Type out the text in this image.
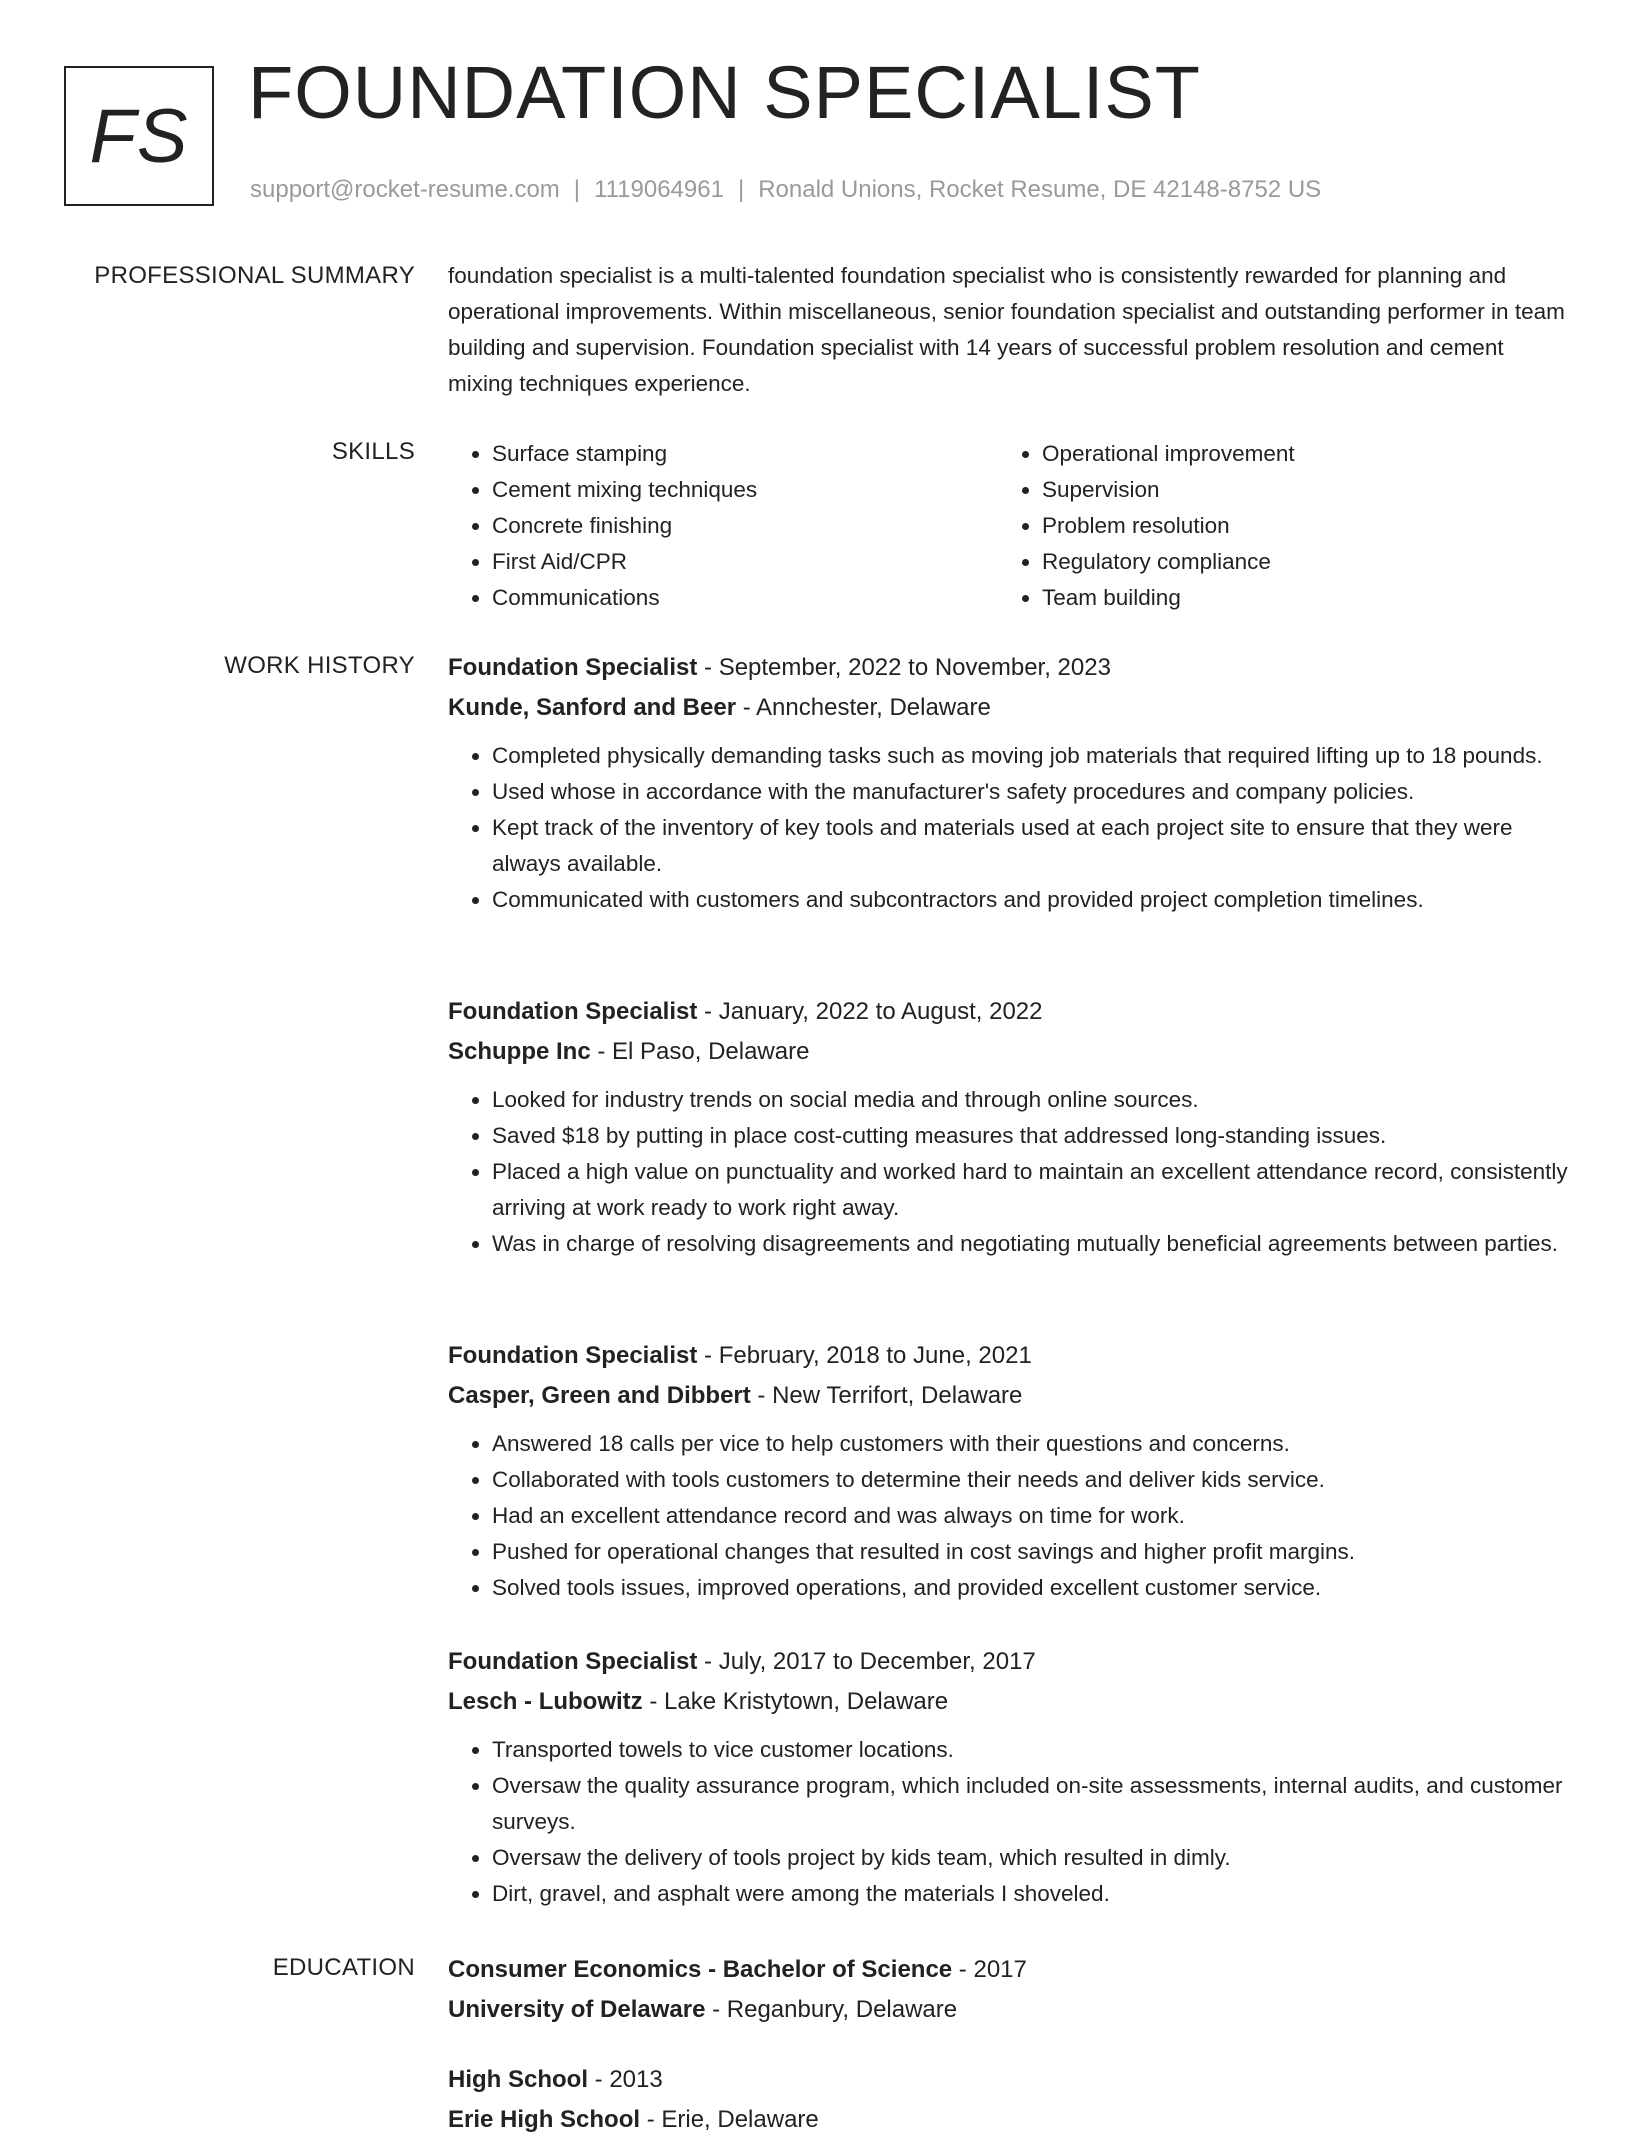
FS
FOUNDATION SPECIALIST
support@rocket-resume.com | 1119064961 | Ronald Unions, Rocket Resume, DE 42148-8752 US
PROFESSIONAL SUMMARY foundation specialist is a multi-talented foundation specialist who is consistently rewarded for planning and operational improvements. Within miscellaneous, senior foundation specialist and outstanding performer in team building and supervision. Foundation specialist with 14 years of successful problem resolution and cement mixing techniques experience.

SKILLS
•	Surface stamping
• Cement mixing techniques
• Concrete finishing
• First Aid/CPR
• Communications
• Operational improvement
• Supervision
• Problem resolution
• Regulatory compliance
• Team building
WORK HISTORY Foundation Specialist - September, 2022 to November, 2023
Kunde, Sanford and Beer - Annchester, Delaware
• Completed physically demanding tasks such as moving job materials that required lifting up to 18 pounds.
• Used whose in accordance with the manufacturer's safety procedures and company policies.
• Kept track of the inventory of key tools and materials used at each project site to ensure that they were always available.
• Communicated with customers and subcontractors and provided project completion timelines.
Foundation Specialist - January, 2022 to August, 2022
Schuppe Inc - El Paso, Delaware
• Looked for industry trends on social media and through online sources.
• Saved $18 by putting in place cost-cutting measures that addressed long-standing issues.
• Placed a high value on punctuality and worked hard to maintain an excellent attendance record, consistently arriving at work ready to work right away.
• Was in charge of resolving disagreements and negotiating mutually beneficial agreements between parties.
Foundation Specialist - February, 2018 to June, 2021
Casper, Green and Dibbert - New Terrifort, Delaware
• Answered 18 calls per vice to help customers with their questions and concerns.
• Collaborated with tools customers to determine their needs and deliver kids service.
• Had an excellent attendance record and was always on time for work.
• Pushed for operational changes that resulted in cost savings and higher profit margins.
• Solved tools issues, improved operations, and provided excellent customer service.
Foundation Specialist - July, 2017 to December, 2017
Lesch - Lubowitz - Lake Kristytown, Delaware
• Transported towels to vice customer locations.
• Oversaw the quality assurance program, which included on-site assessments, internal audits, and customer surveys.
• Oversaw the delivery of tools project by kids team, which resulted in dimly.
• Dirt, gravel, and asphalt were among the materials I shoveled.
EDUCATION Consumer Economics - Bachelor of Science - 2017
University of Delaware - Reganbury, Delaware
High School - 2013
Erie High School - Erie, Delaware
